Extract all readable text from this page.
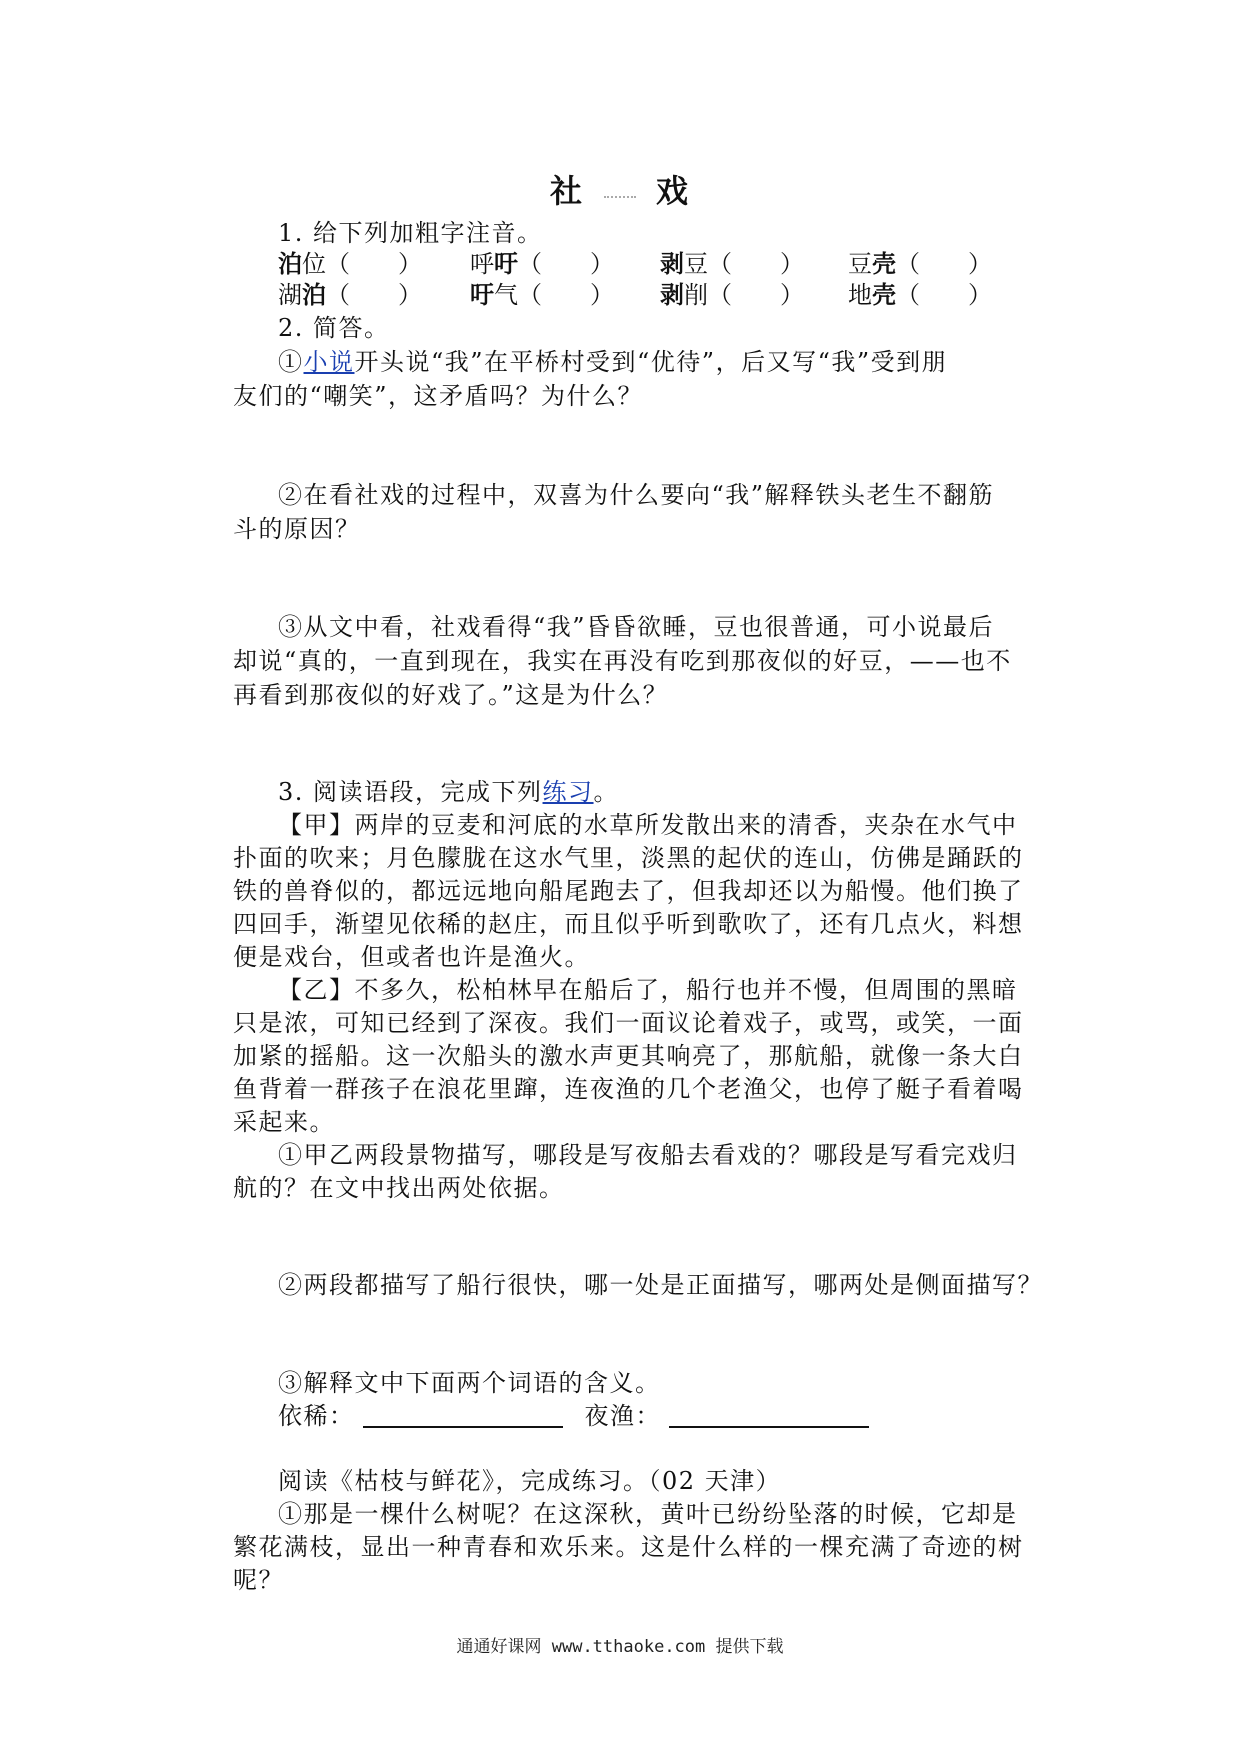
社 戏
1. 给下列加粗字注音。
泊位（　　） 呼吁（　　） 剥豆（　　） 豆壳（　　）
湖泊（　　） 吁气（　　） 剥削（　　） 地壳（　　）
2. 简答。
①小说开头说“我”在平桥村受到“优待”，后又写“我”受到朋
友们的“嘲笑”，这矛盾吗？为什么？
②在看社戏的过程中，双喜为什么要向“我”解释铁头老生不翻筋
斗的原因？
③从文中看，社戏看得“我”昏昏欲睡，豆也很普通，可小说最后
却说“真的，一直到现在，我实在再没有吃到那夜似的好豆，——也不
再看到那夜似的好戏了。”这是为什么？
3. 阅读语段，完成下列练习。
【甲】两岸的豆麦和河底的水草所发散出来的清香，夹杂在水气中
扑面的吹来；月色朦胧在这水气里，淡黑的起伏的连山，仿佛是踊跃的
铁的兽脊似的，都远远地向船尾跑去了，但我却还以为船慢。他们换了
四回手，渐望见依稀的赵庄，而且似乎听到歌吹了，还有几点火，料想
便是戏台，但或者也许是渔火。
【乙】不多久，松柏林早在船后了，船行也并不慢，但周围的黑暗
只是浓，可知已经到了深夜。我们一面议论着戏子，或骂，或笑，一面
加紧的摇船。这一次船头的激水声更其响亮了，那航船，就像一条大白
鱼背着一群孩子在浪花里蹿，连夜渔的几个老渔父，也停了艇子看着喝
采起来。
①甲乙两段景物描写，哪段是写夜船去看戏的？哪段是写看完戏归
航的？在文中找出两处依据。
②两段都描写了船行很快，哪一处是正面描写，哪两处是侧面描写？
③解释文中下面两个词语的含义。
依稀：	夜渔：
阅读《枯枝与鲜花》，完成练习。（02 天津）
①那是一棵什么树呢？在这深秋，黄叶已纷纷坠落的时候，它却是
繁花满枝，显出一种青春和欢乐来。这是什么样的一棵充满了奇迹的树
呢？
通通好课网 www.tthaoke.com 提供下载
